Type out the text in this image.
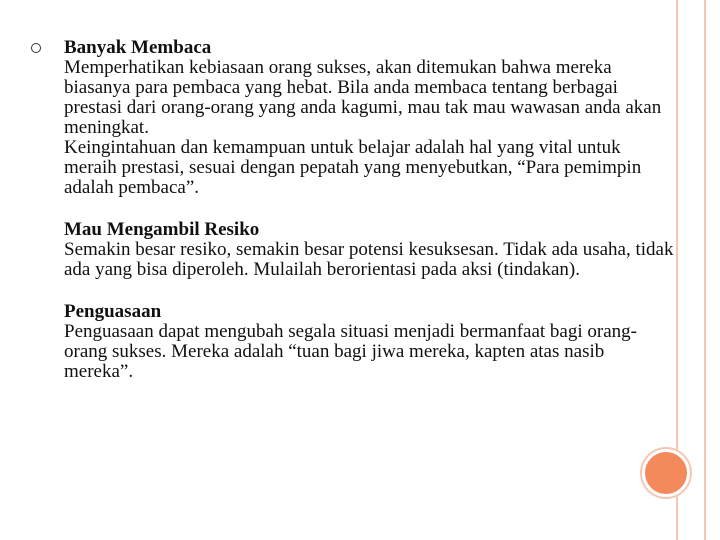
Banyak Membaca
Memperhatikan kebiasaan orang sukses, akan ditemukan bahwa mereka biasanya para pembaca yang hebat. Bila anda membaca tentang berbagai prestasi dari orang-orang yang anda kagumi, mau tak mau wawasan anda akan meningkat.
Keingintahuan dan kemampuan untuk belajar adalah hal yang vital untuk meraih prestasi, sesuai dengan pepatah yang menyebutkan, “Para pemimpin adalah pembaca”.
Mau Mengambil Resiko
Semakin besar resiko, semakin besar potensi kesuksesan. Tidak ada usaha, tidak ada yang bisa diperoleh. Mulailah berorientasi pada aksi (tindakan).
Penguasaan
Penguasaan dapat mengubah segala situasi menjadi bermanfaat bagi orang-orang sukses. Mereka adalah “tuan bagi jiwa mereka, kapten atas nasib mereka”.
